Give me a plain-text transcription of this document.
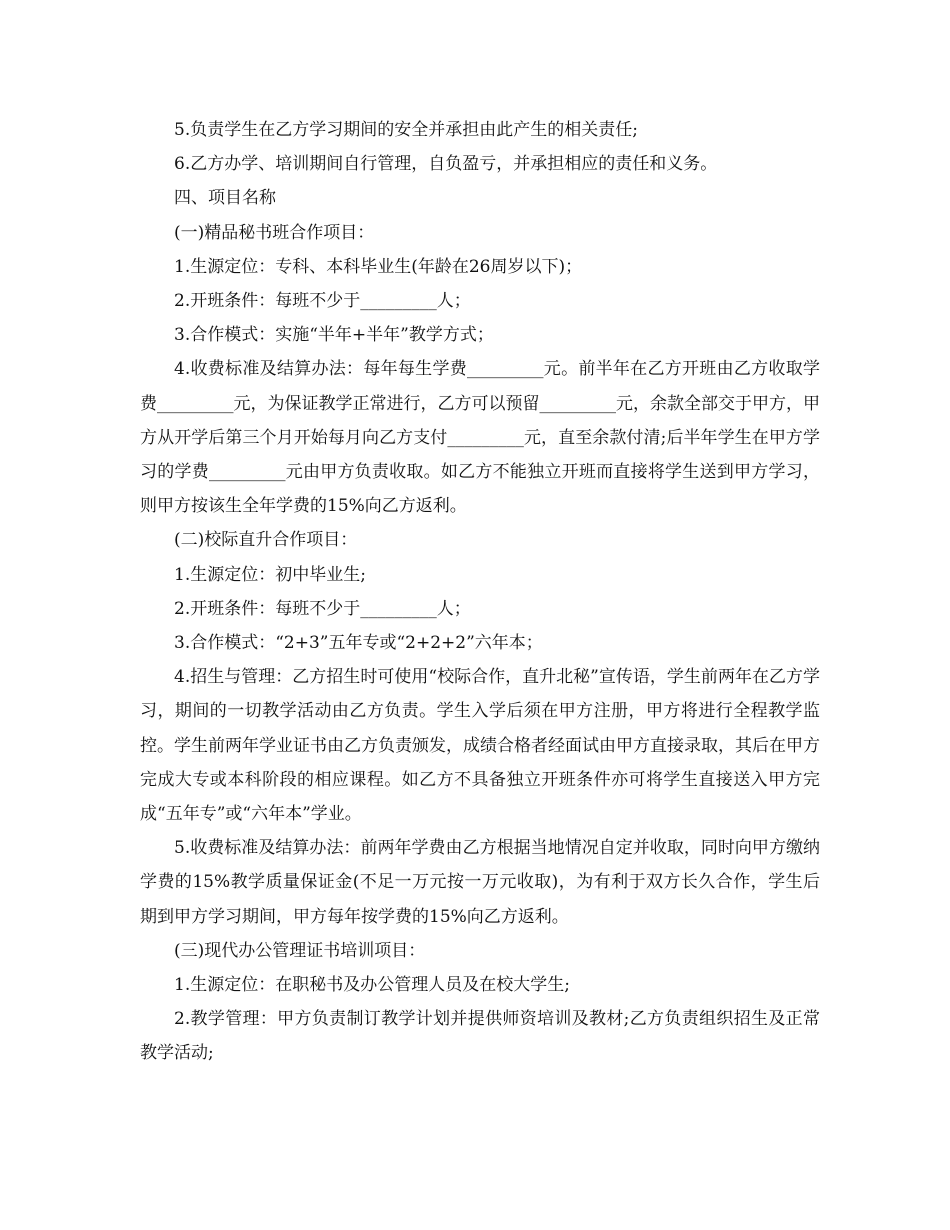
5.负责学生在乙方学习期间的安全并承担由此产生的相关责任;

6.乙方办学、培训期间自行管理，自负盈亏，并承担相应的责任和义务。

四、项目名称

(一)精品秘书班合作项目：

1.生源定位：专科、本科毕业生(年龄在26周岁以下)；

2.开班条件：每班不少于_________人；

3.合作模式：实施“半年+半年”教学方式；

4.收费标准及结算办法：每年每生学费_________元。前半年在乙方开班由乙方收取学费_________元，为保证教学正常进行，乙方可以预留_________元，余款全部交于甲方，甲方从开学后第三个月开始每月向乙方支付_________元，直至余款付清;后半年学生在甲方学习的学费_________元由甲方负责收取。如乙方不能独立开班而直接将学生送到甲方学习，则甲方按该生全年学费的15%向乙方返利。

(二)校际直升合作项目：

1.生源定位：初中毕业生;

2.开班条件：每班不少于_________人；

3.合作模式：“2+3”五年专或“2+2+2”六年本；

4.招生与管理：乙方招生时可使用“校际合作，直升北秘”宣传语，学生前两年在乙方学习，期间的一切教学活动由乙方负责。学生入学后须在甲方注册，甲方将进行全程教学监控。学生前两年学业证书由乙方负责颁发，成绩合格者经面试由甲方直接录取，其后在甲方完成大专或本科阶段的相应课程。如乙方不具备独立开班条件亦可将学生直接送入甲方完成“五年专”或“六年本”学业。

5.收费标准及结算办法：前两年学费由乙方根据当地情况自定并收取，同时向甲方缴纳学费的15%教学质量保证金(不足一万元按一万元收取)，为有利于双方长久合作，学生后期到甲方学习期间，甲方每年按学费的15%向乙方返利。

(三)现代办公管理证书培训项目：

1.生源定位：在职秘书及办公管理人员及在校大学生;

2.教学管理：甲方负责制订教学计划并提供师资培训及教材;乙方负责组织招生及正常教学活动;
